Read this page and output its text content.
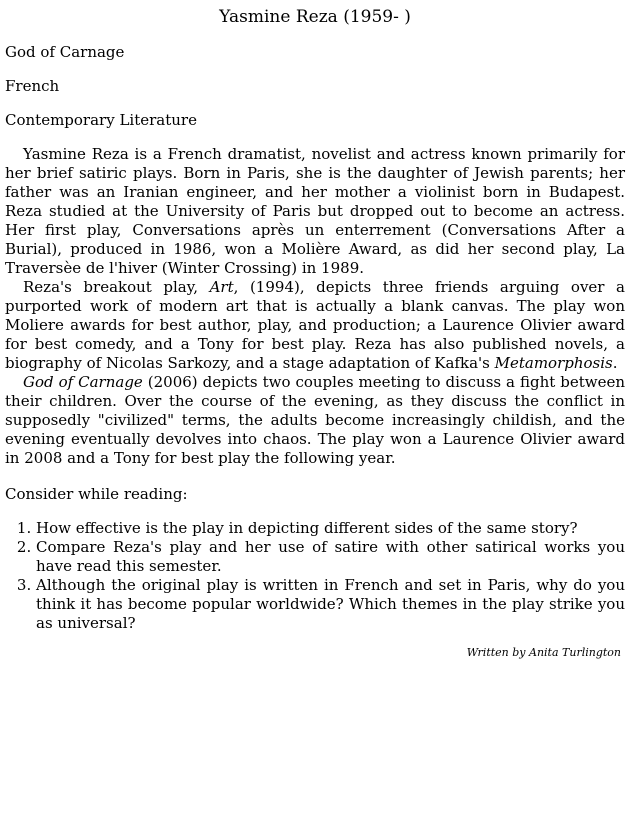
Yasmine Reza (1959- )
God of Carnage
French
Contemporary Literature

Yasmine Reza is a French dramatist, novelist and actress known primarily for her brief satiric plays. Born in Paris, she is the daughter of Jewish parents; her father was an Iranian engineer, and her mother a violinist born in Budapest. Reza studied at the University of Paris but dropped out to become an actress. Her first play, Conversations après un enterrement (Conversations After a Burial), produced in 1986, won a Molière Award, as did her second play, La Traversèe de l'hiver (Winter Crossing) in 1989.

Reza's breakout play, Art, (1994), depicts three friends arguing over a purported work of modern art that is actually a blank canvas. The play won Moliere awards for best author, play, and production; a Laurence Olivier award for best comedy, and a Tony for best play. Reza has also published novels, a biography of Nicolas Sarkozy, and a stage adaptation of Kafka's Metamorphosis.

God of Carnage (2006) depicts two couples meeting to discuss a fight between their children. Over the course of the evening, as they discuss the conflict in supposedly "civilized" terms, the adults become increasingly childish, and the evening eventually devolves into chaos. The play won a Laurence Olivier award in 2008 and a Tony for best play the following year.

Consider while reading:
1. How effective is the play in depicting different sides of the same story?
2. Compare Reza's play and her use of satire with other satirical works you have read this semester.
3. Although the original play is written in French and set in Paris, why do you think it has become popular worldwide? Which themes in the play strike you as universal?
Written by Anita Turlington
